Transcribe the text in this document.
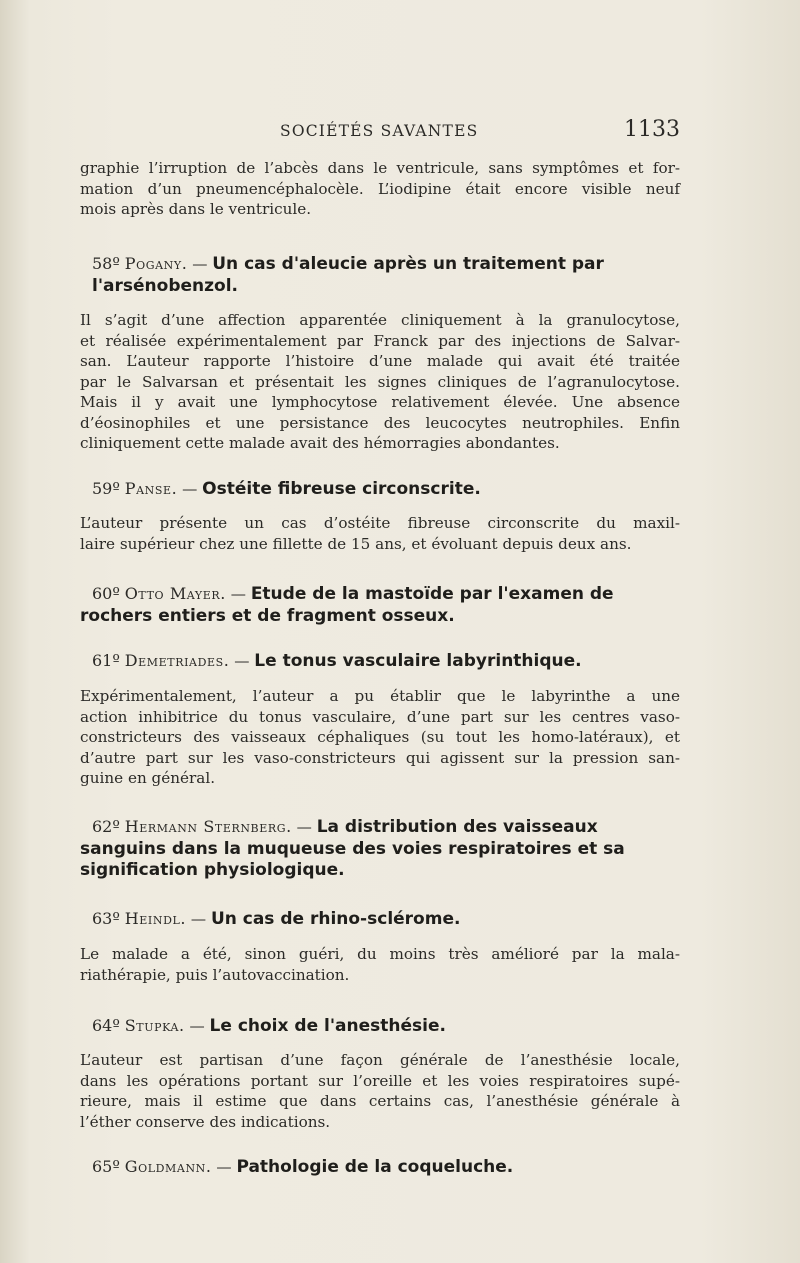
SOCIÉTÉS SAVANTES	1133
graphie l’irruption de l’abcès dans le ventricule, sans symptômes et for-
mation d’un pneumencéphalocèle. L’iodipine était encore visible neuf
mois après dans le ventricule.
58º Pogany. — Un cas d'aleucie après un traitement par l'arsénobenzol.
Il s’agit d’une affection apparentée cliniquement à la granulocytose,
et réalisée expérimentalement par Franck par des injections de Salvar-
san. L’auteur rapporte l’histoire d’une malade qui avait été traitée
par le Salvarsan et présentait les signes cliniques de l’agranulocytose.
Mais il y avait une lymphocytose relativement élevée. Une absence
d’éosinophiles et une persistance des leucocytes neutrophiles. Enfin
cliniquement cette malade avait des hémorragies abondantes.
59º Panse. — Ostéite fibreuse circonscrite.
L’auteur présente un cas d’ostéite fibreuse circonscrite du maxil-
laire supérieur chez une fillette de 15 ans, et évoluant depuis deux ans.
60º Otto Mayer. — Etude de la mastoïde par l'examen de rochers entiers et de fragment osseux.
61º Demetriades. — Le tonus vasculaire labyrinthique.
Expérimentalement, l’auteur a pu établir que le labyrinthe a une
action inhibitrice du tonus vasculaire, d’une part sur les centres vaso-
constricteurs des vaisseaux céphaliques (su tout les homo-latéraux), et
d’autre part sur les vaso-constricteurs qui agissent sur la pression san-
guine en général.
62º Hermann Sternberg. — La distribution des vaisseaux sanguins dans la muqueuse des voies respiratoires et sa signification physiologique.
63º Heindl. — Un cas de rhino-sclérome.
Le malade a été, sinon guéri, du moins très amélioré par la mala-
riathérapie, puis l’autovaccination.
64º Stupka. — Le choix de l'anesthésie.
L’auteur est partisan d’une façon générale de l’anesthésie locale,
dans les opérations portant sur l’oreille et les voies respiratoires supé-
rieure, mais il estime que dans certains cas, l’anesthésie générale à
l’éther conserve des indications.
65º Goldmann. — Pathologie de la coqueluche.
